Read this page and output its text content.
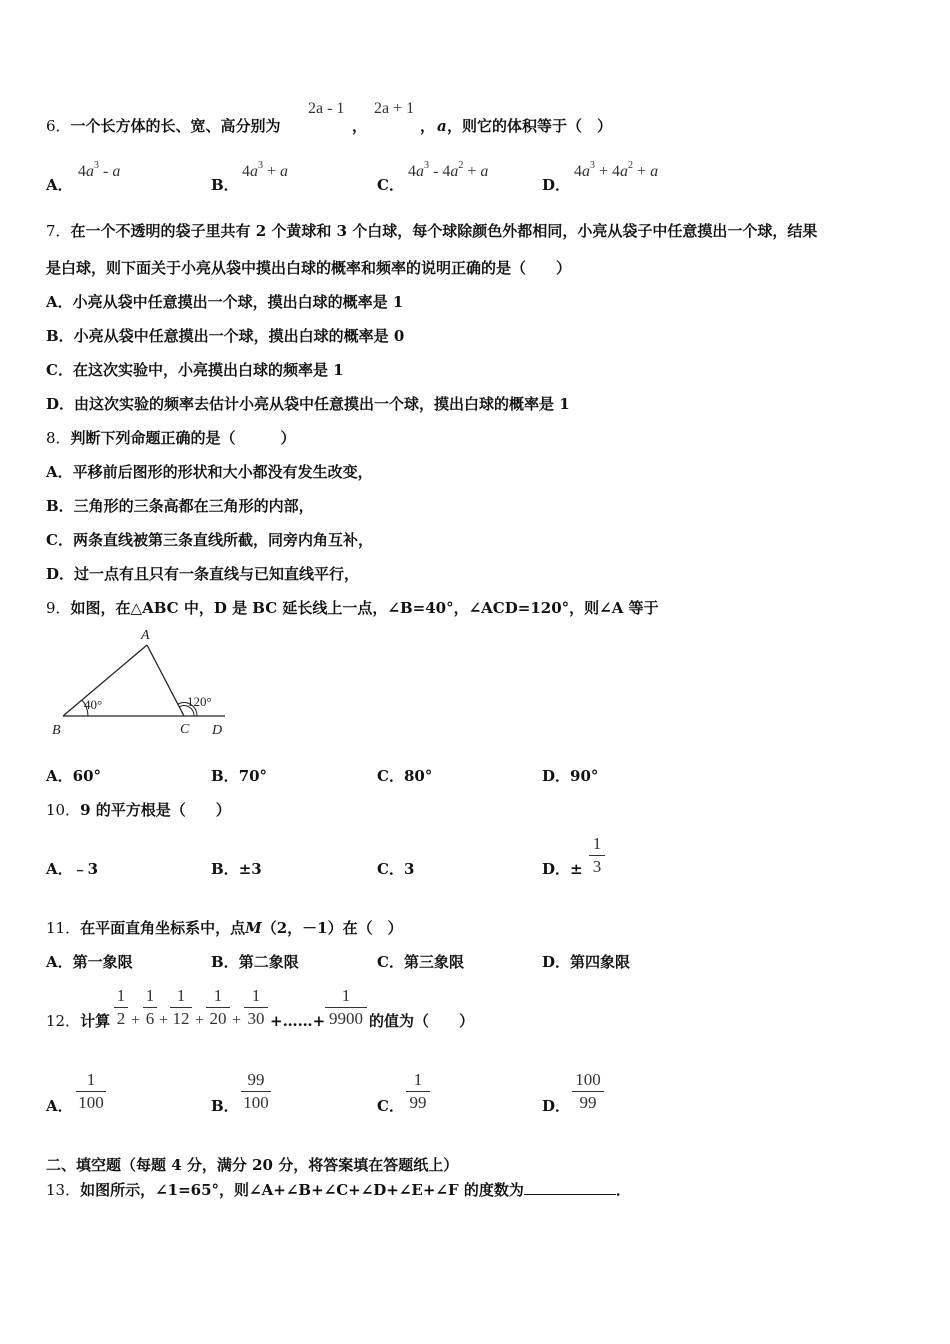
6．一个长方体的长、宽、高分别为
2a - 1
，
2a + 1
， a ，则它的体积等于（　）
A．
$4a^3$ - a
B．
$4a^3 + a$
C．
$4a^3 - 4a^2 + a$
D．
$4a^3 + 4a^2 + a$
7．在一个不透明的袋子里共有 2 个黄球和 3 个白球，每个球除颜色外都相同，小亮从袋子中任意摸出一个球，结果
是白球，则下面关于小亮从袋中摸出白球的概率和频率的说明正确的是（　　）
A．小亮从袋中任意摸出一个球，摸出白球的概率是 1
B．小亮从袋中任意摸出一个球，摸出白球的概率是 0
C．在这次实验中，小亮摸出白球的频率是 1
D．由这次实验的频率去估计小亮从袋中任意摸出一个球，摸出白球的概率是 1
8．判断下列命题正确的是（　　　）
A．平移前后图形的形状和大小都没有发生改变，
B．三角形的三条高都在三角形的内部，
C．两条直线被第三条直线所截，同旁内角互补，
D．过一点有且只有一条直线与已知直线平行，
9．如图，在△ABC 中，D 是 BC 延长线上一点，∠B=40°，∠ACD=120°，则∠A 等于
A
B	C D
40°	120°
A．60°	B．70°	C．80°	D．90°
10．9 的平方根是（　　）
A．﹣3	B．±3	C．3	D．±
1
3
11．在平面直角坐标系中，点M（2，－1）在（　）
A．第一象限	B．第二象限	C．第三象限	D．第四象限
12．计算
1
2 +
1
6 +
1
12 +
1
20 +
1
30 +……+
1
9900 的值为（　　）
A．
1
100	B．
99
100	C．
1
99	D．
100
99
二、填空题（每题 4 分，满分 20 分，将答案填在答题纸上）
13．如图所示，∠1=65°，则∠A+∠B+∠C+∠D+∠E+∠F 的度数为	．
